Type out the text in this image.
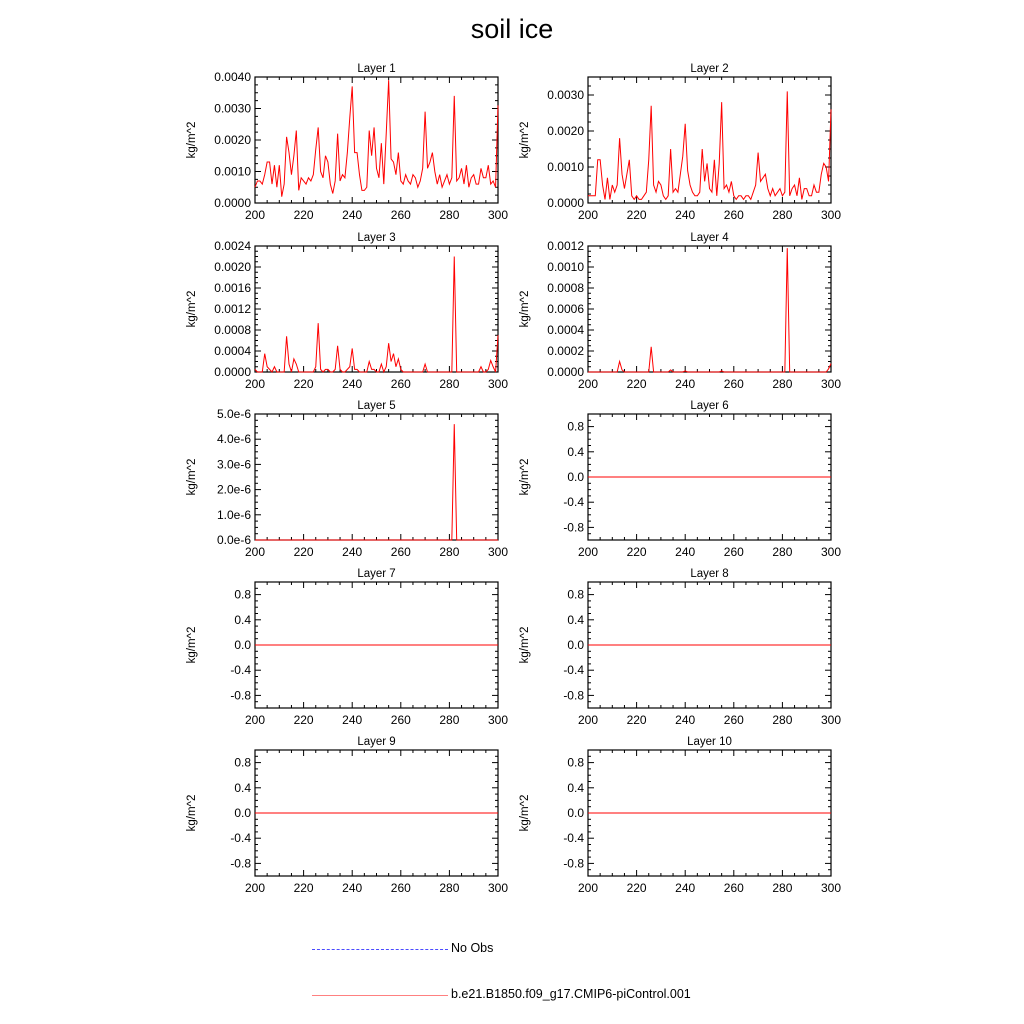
soil ice
Layer 1
kg/m^2
200 220 240 260 280 300
0.0000
0.0010
0.0020
0.0030
0.0040
Layer 2
kg/m^2
200 220 240 260 280 300
0.0000
0.0010
0.0020
0.0030
Layer 3
kg/m^2
200 220 240 260 280 300
0.0000
0.0004
0.0008
0.0012
0.0016
0.0020
0.0024
Layer 4
kg/m^2
200 220 240 260 280 300
0.0000
0.0002
0.0004
0.0006
0.0008
0.0010
0.0012
Layer 5
kg/m^2
200 220 240 260 280 300
0.0e-6
1.0e-6
2.0e-6
3.0e-6
4.0e-6
5.0e-6
Layer 6
kg/m^2
200 220 240 260 280 300
-0.8
-0.4
0.0
0.4
0.8
Layer 7
kg/m^2
200 220 240 260 280 300
-0.8
-0.4
0.0
0.4
0.8
Layer 8
kg/m^2
200 220 240 260 280 300
-0.8
-0.4
0.0
0.4
0.8
Layer 9
kg/m^2
200 220 240 260 280 300
-0.8
-0.4
0.0
0.4
0.8
Layer 10
kg/m^2
200 220 240 260 280 300
-0.8
-0.4
0.0
0.4
0.8
No Obs
b.e21.B1850.f09_g17.CMIP6-piControl.001
